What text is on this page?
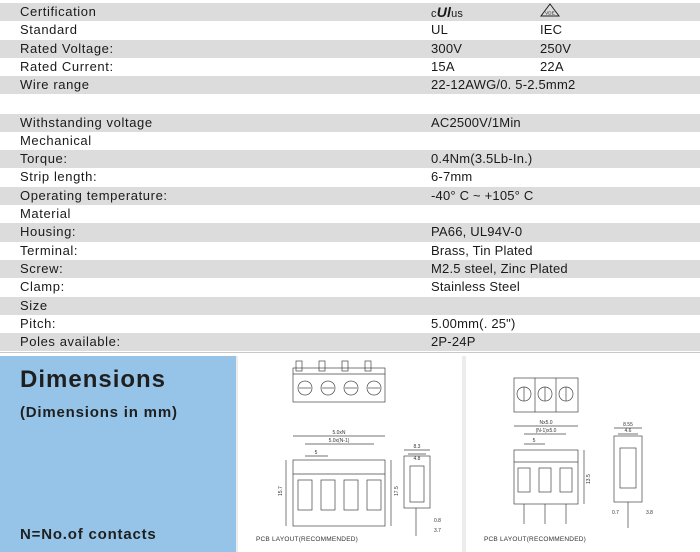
Certification	cUlus	VDE
Standard	UL	IEC
Rated Voltage:	300V	250V
Rated Current:	15A	22A
Wire range	22-12AWG/0. 5-2.5mm2
Withstanding voltage	AC2500V/1Min
Mechanical
Torque:	0.4Nm(3.5Lb-In.)
Strip length:	6-7mm
Operating temperature:	-40° C ~ +105° C
Material
Housing:	PA66, UL94V-0
Terminal:	Brass, Tin Plated
Screw:	M2.5 steel, Zinc Plated
Clamp:	Stainless Steel
Size
Pitch:	5.00mm(. 25")
Poles available:	2P-24P
Dimensions
(Dimensions in mm)
N=No.of contacts
5.0xN
5.0x(N-1)
5
15.7	17.5
8.3
4.8
3.7
0.8
PCB LAYOUT(RECOMMENDED)
Nx5.0
(N-1)x5.0
5
13.5
8.55
4.6
0.7	3.8
PCB LAYOUT(RECOMMENDED)
